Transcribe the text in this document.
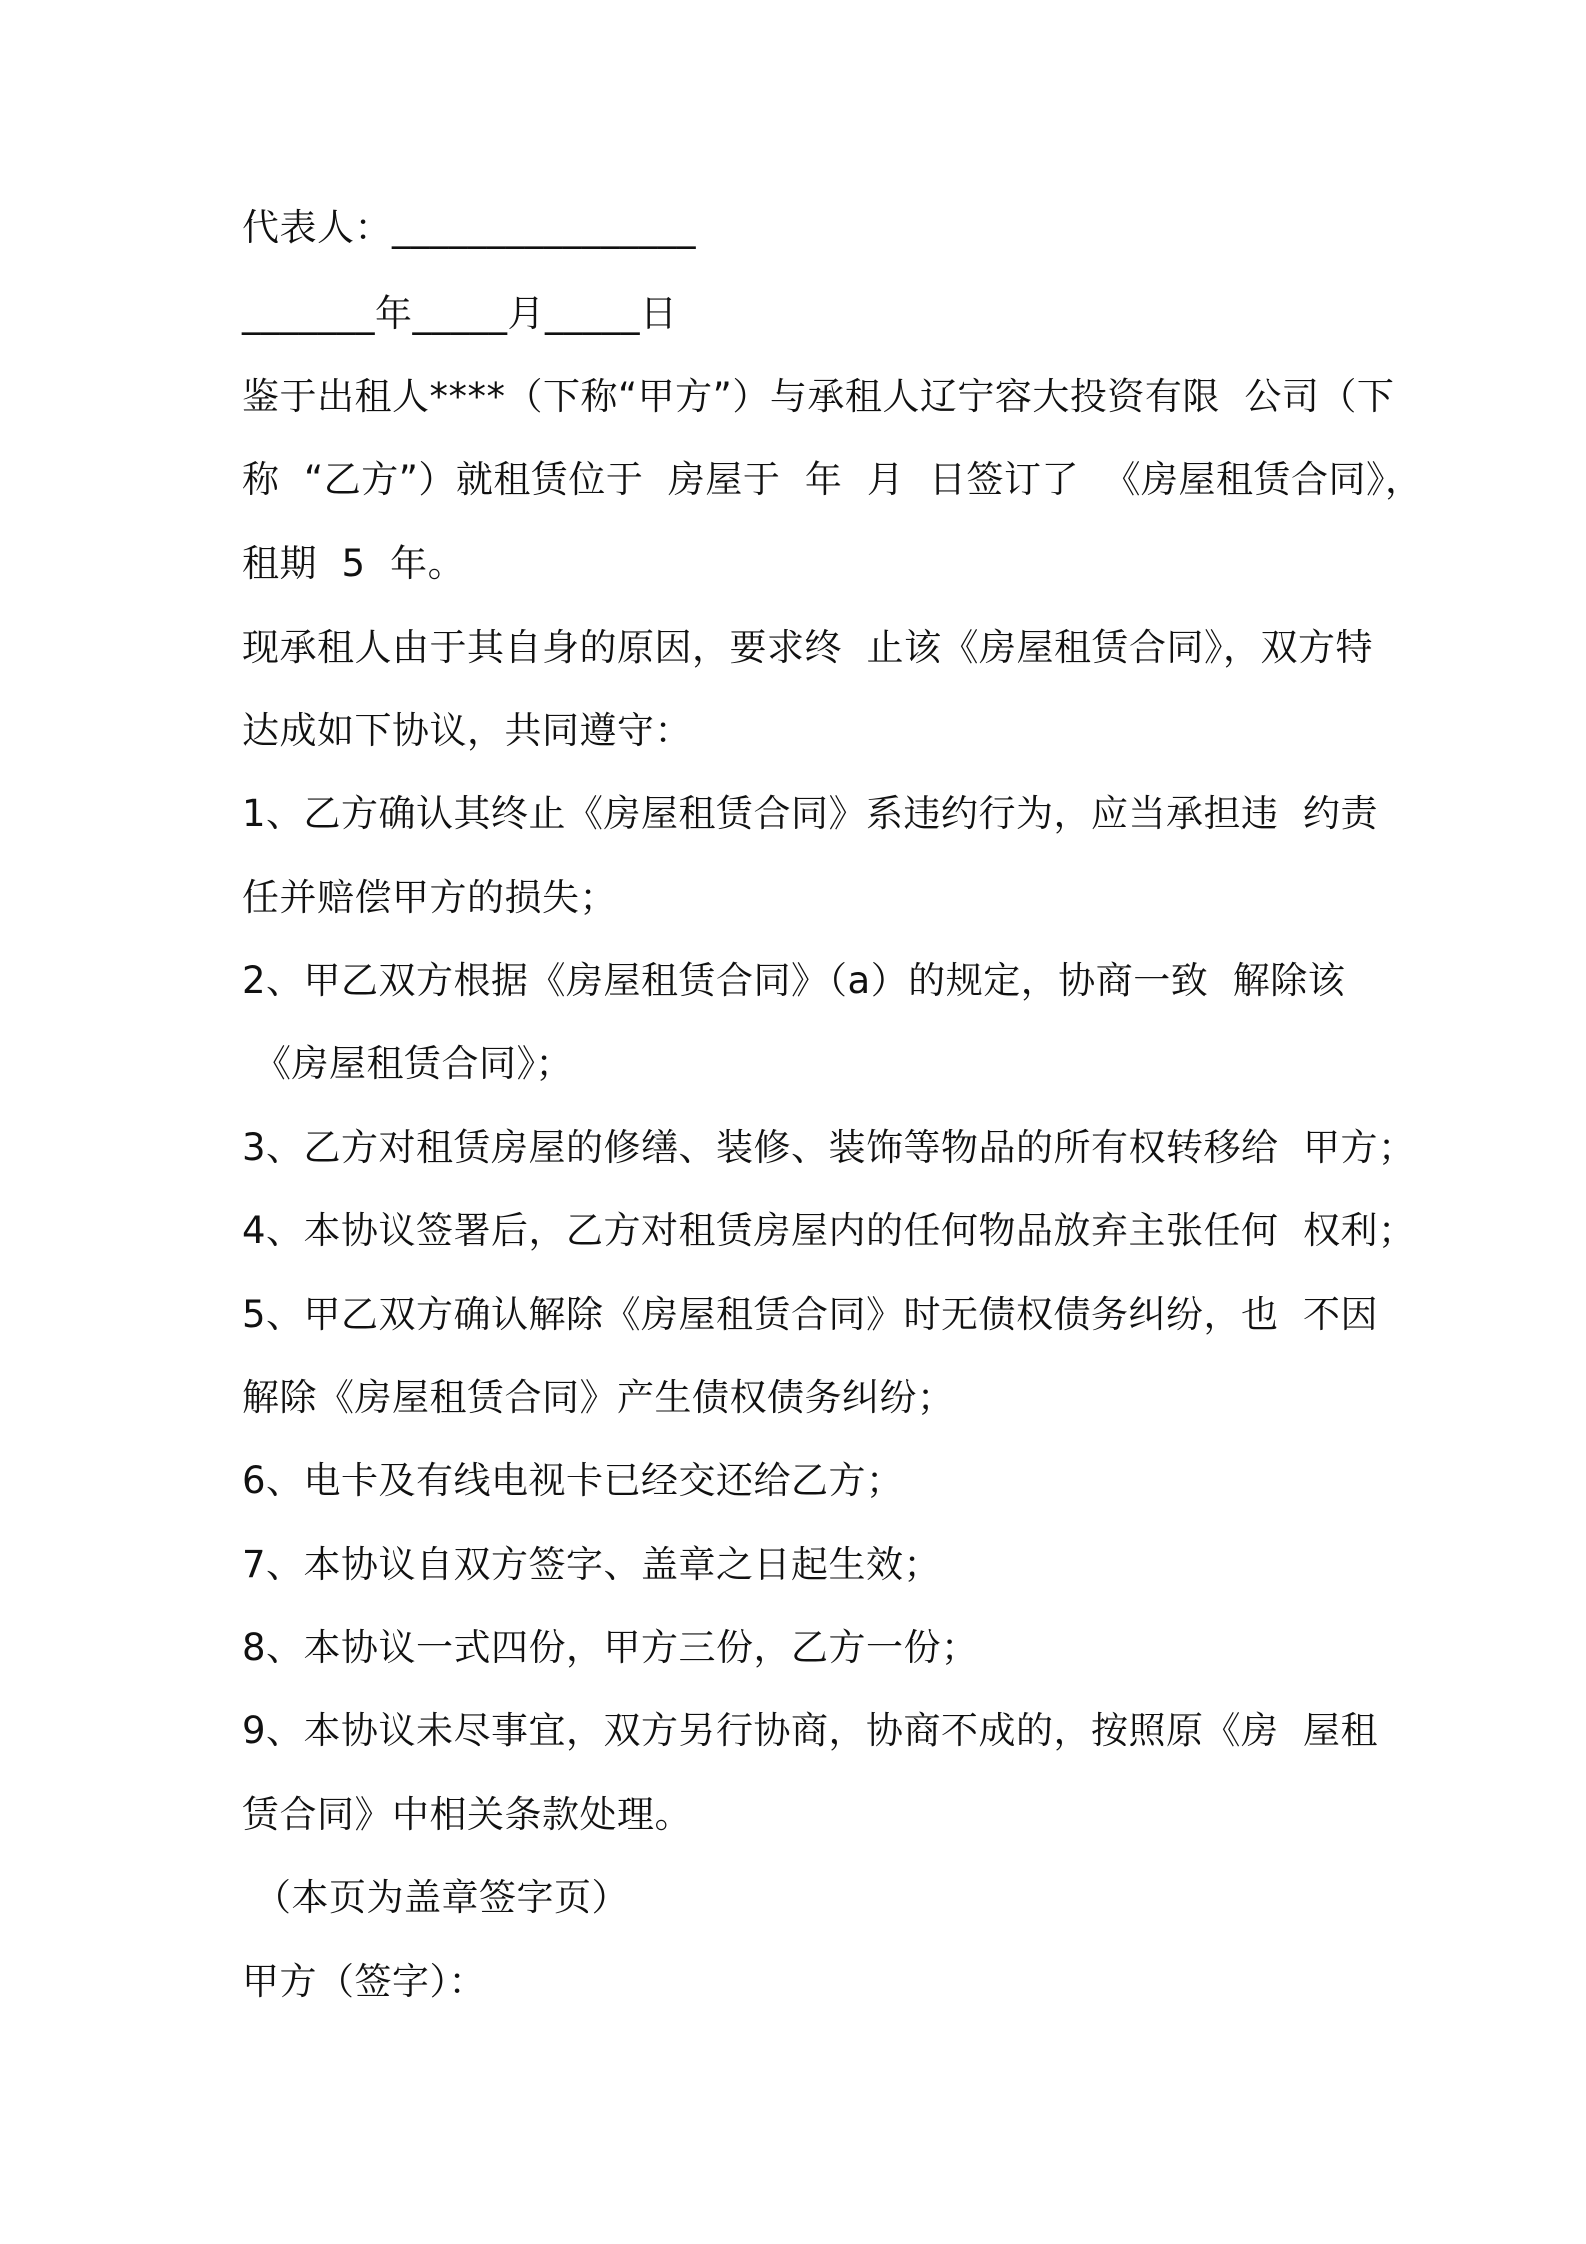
代表人：________________
_______年_____月_____日
鉴于出租人****（下称“甲方”）与承租人辽宁容大投资有限  公司（下
称  “乙方”）就租赁位于  房屋于  年  月  日签订了  《房屋租赁合同》，
租期  5  年。
现承租人由于其自身的原因，要求终  止该《房屋租赁合同》，双方特
达成如下协议，共同遵守：
1、乙方确认其终止《房屋租赁合同》系违约行为，应当承担违  约责
任并赔偿甲方的损失；
2、甲乙双方根据《房屋租赁合同》（a）的规定，协商一致  解除该
《房屋租赁合同》；
3、乙方对租赁房屋的修缮、装修、装饰等物品的所有权转移给  甲方；
4、本协议签署后，乙方对租赁房屋内的任何物品放弃主张任何  权利；
5、甲乙双方确认解除《房屋租赁合同》时无债权债务纠纷，也  不因
解除《房屋租赁合同》产生债权债务纠纷；
6、电卡及有线电视卡已经交还给乙方；
7、本协议自双方签字、盖章之日起生效；
8、本协议一式四份，甲方三份，乙方一份；
9、本协议未尽事宜，双方另行协商，协商不成的，按照原《房  屋租
赁合同》中相关条款处理。
（本页为盖章签字页）
甲方（签字）：
